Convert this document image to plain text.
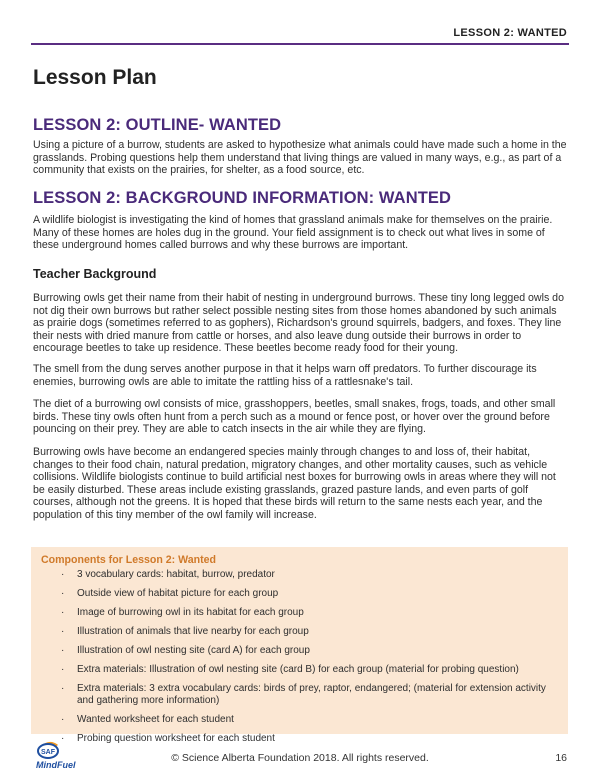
LESSON 2: WANTED
Lesson Plan
LESSON 2: OUTLINE- WANTED

Using a picture of a burrow, students are asked to hypothesize what animals could have made such a home in the grasslands. Probing questions help them understand that living things are valued in many ways, e.g., as part of a community that exists on the prairies, for shelter, as a food source, etc.

LESSON 2: BACKGROUND INFORMATION: WANTED

A wildlife biologist is investigating the kind of homes that grassland animals make for themselves on the prairie. Many of these homes are holes dug in the ground. Your field assignment is to check out what lives in some of these underground homes called burrows and why these burrows are important.

Teacher Background

Burrowing owls get their name from their habit of nesting in underground burrows. These tiny long legged owls do not dig their own burrows but rather select possible nesting sites from those homes abandoned by such animals as prairie dogs (sometimes referred to as gophers), Richardson's ground squirrels, badgers, and foxes. They line their nests with dried manure from cattle or horses, and also leave dung outside their burrows in order to encourage beetles to take up residence. These beetles become ready food for their young.

The smell from the dung serves another purpose in that it helps warn off predators. To further discourage its enemies, burrowing owls are able to imitate the rattling hiss of a rattlesnake's tail.

The diet of a burrowing owl consists of mice, grasshoppers, beetles, small snakes, frogs, toads, and other small birds. These tiny owls often hunt from a perch such as a mound or fence post, or hover over the ground before pouncing on their prey. They are able to catch insects in the air while they are flying.

Burrowing owls have become an endangered species mainly through changes to and loss of, their habitat, changes to their food chain, natural predation, migratory changes, and other mortality causes, such as vehicle collisions. Wildlife biologists continue to build artificial nest boxes for burrowing owls in areas where they will not be easily disturbed. These areas include existing grasslands, grazed pasture lands, and even parts of golf courses, although not the greens. It is hoped that these birds will return to the same nests each year, and the population of this tiny member of the owl family will increase.

Components for Lesson 2: Wanted
· 3 vocabulary cards: habitat, burrow, predator
· Outside view of habitat picture for each group
· Image of burrowing owl in its habitat for each group
· Illustration of animals that live nearby for each group
· Illustration of owl nesting site (card A) for each group
· Extra materials: Illustration of owl nesting site (card B) for each group (material for probing question)
· Extra materials: 3 extra vocabulary cards: birds of prey, raptor, endangered; (material for extension activity and gathering more information)
· Wanted worksheet for each student
· Probing question worksheet for each student
SAF
MindFuel
© Science Alberta Foundation 2018. All rights reserved.	16
